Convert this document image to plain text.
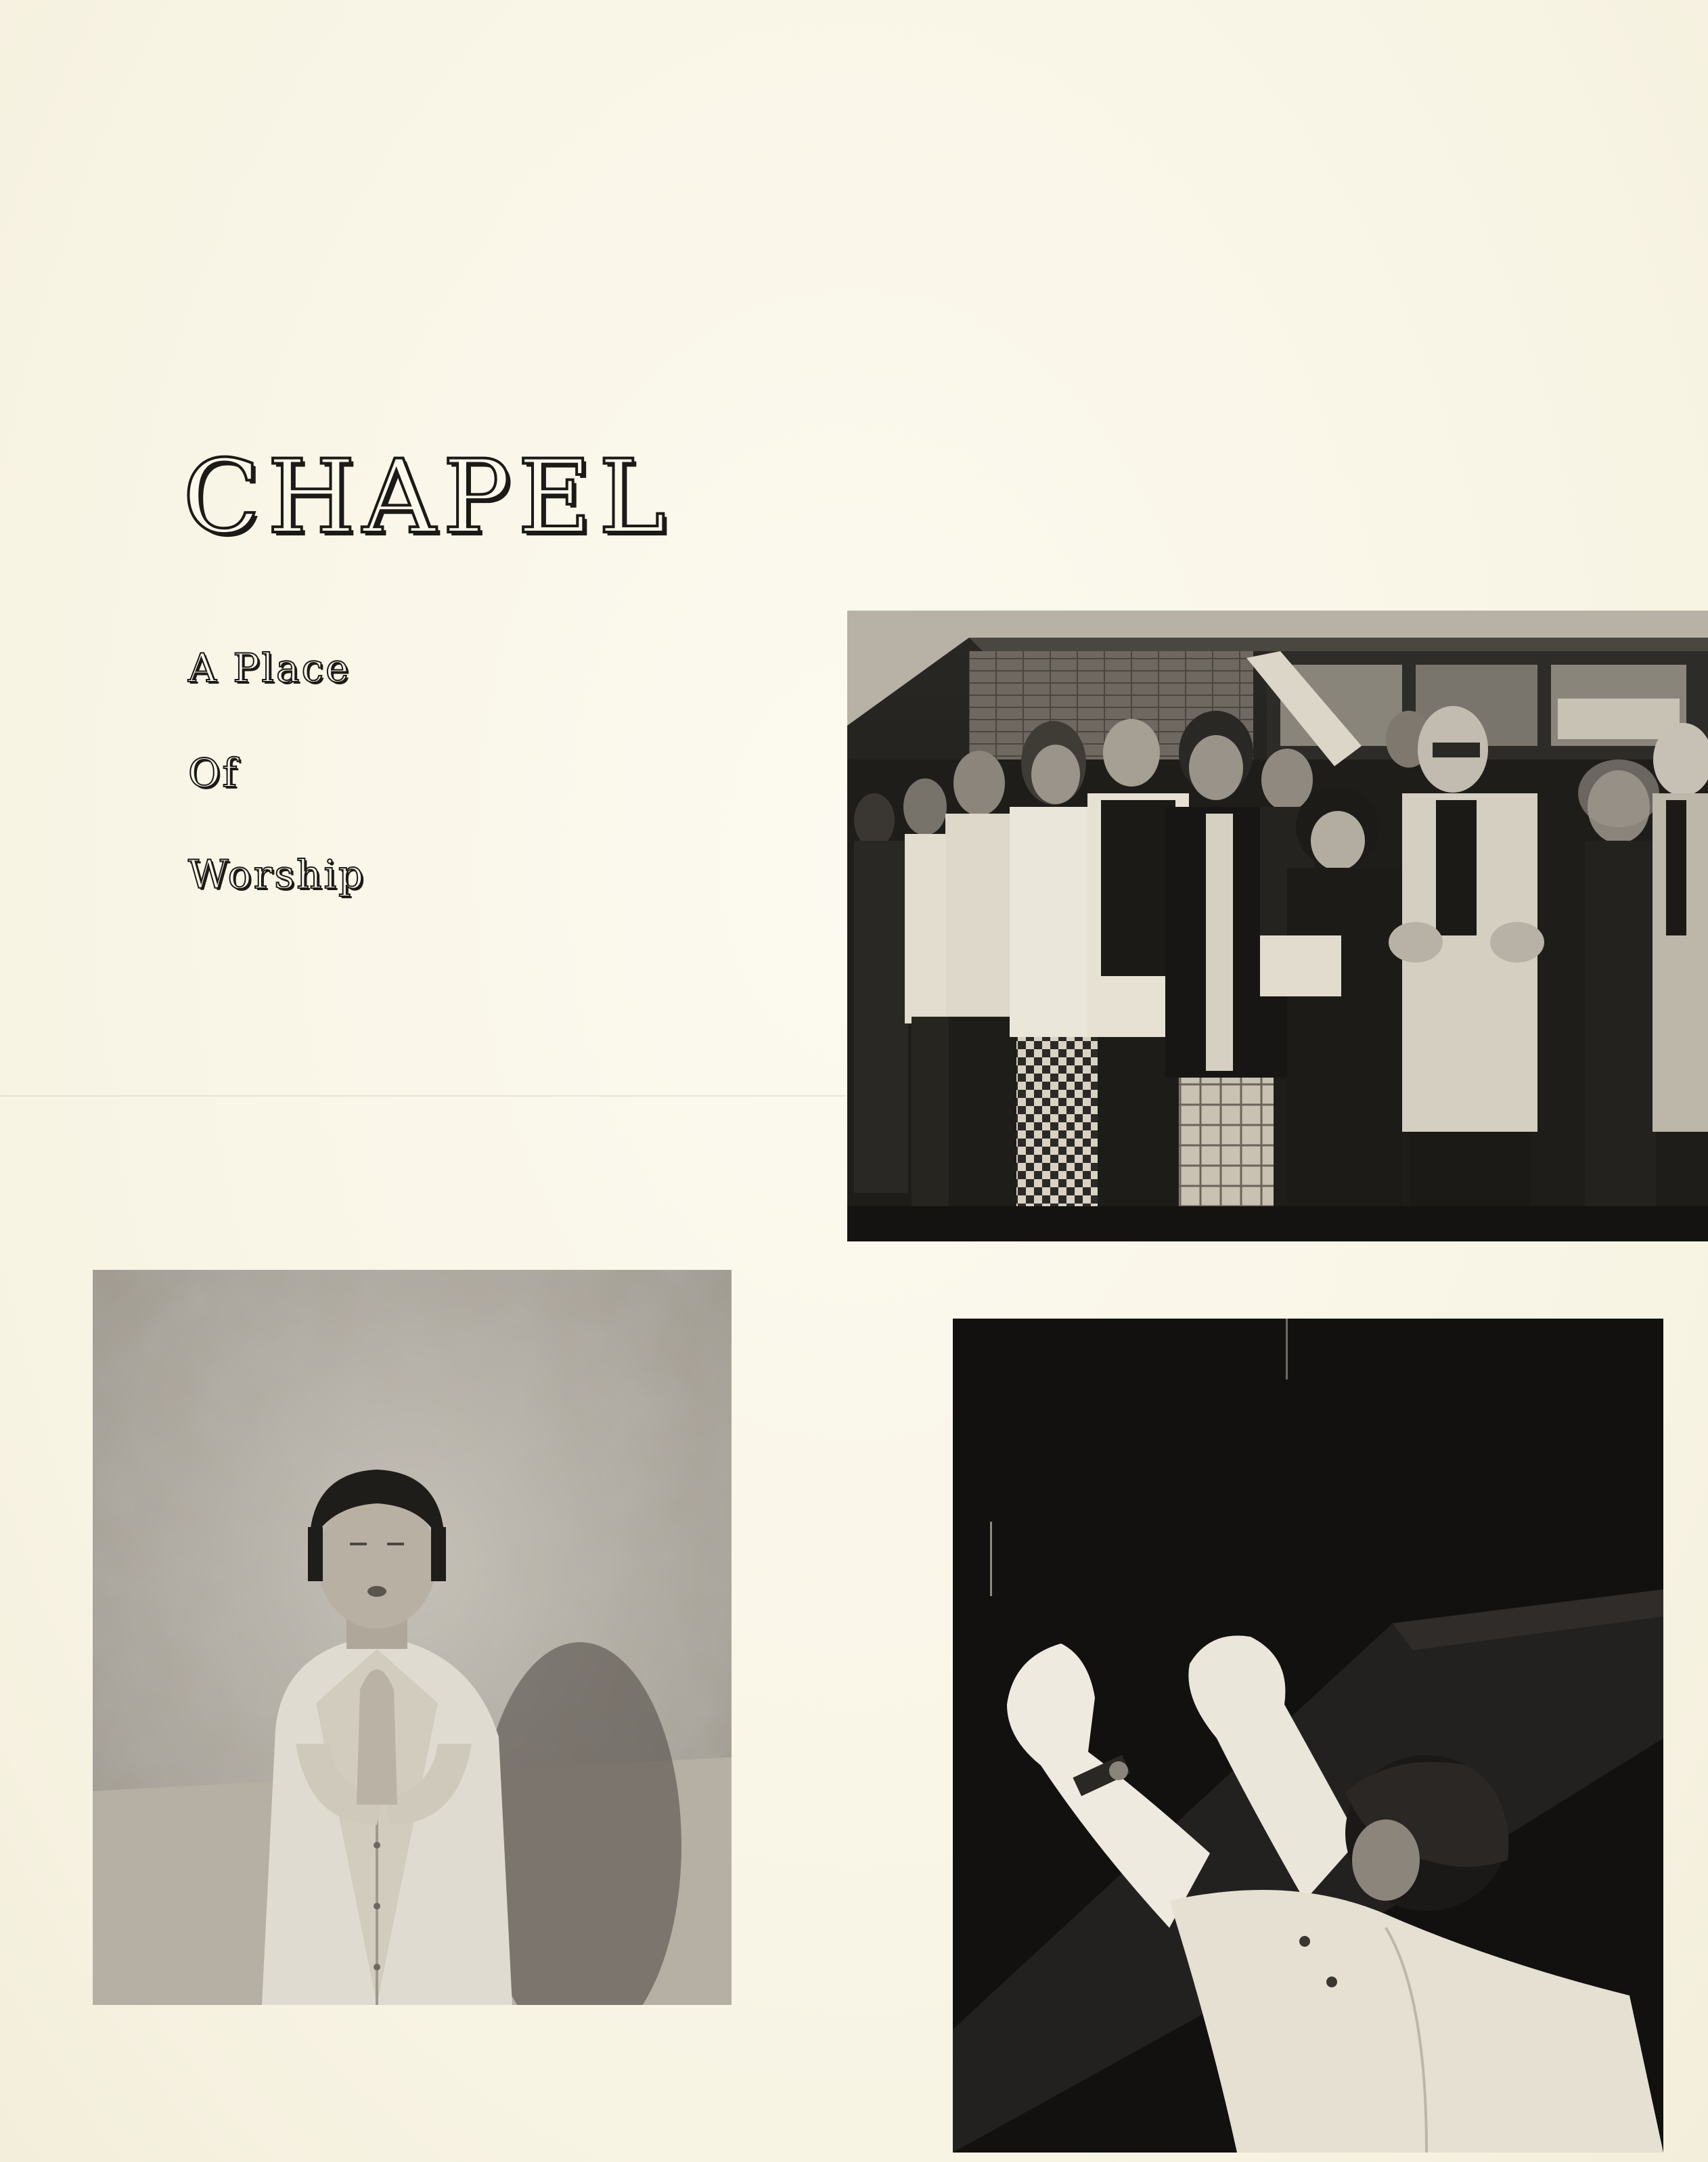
CHAPEL
A Place
Of
Worship
